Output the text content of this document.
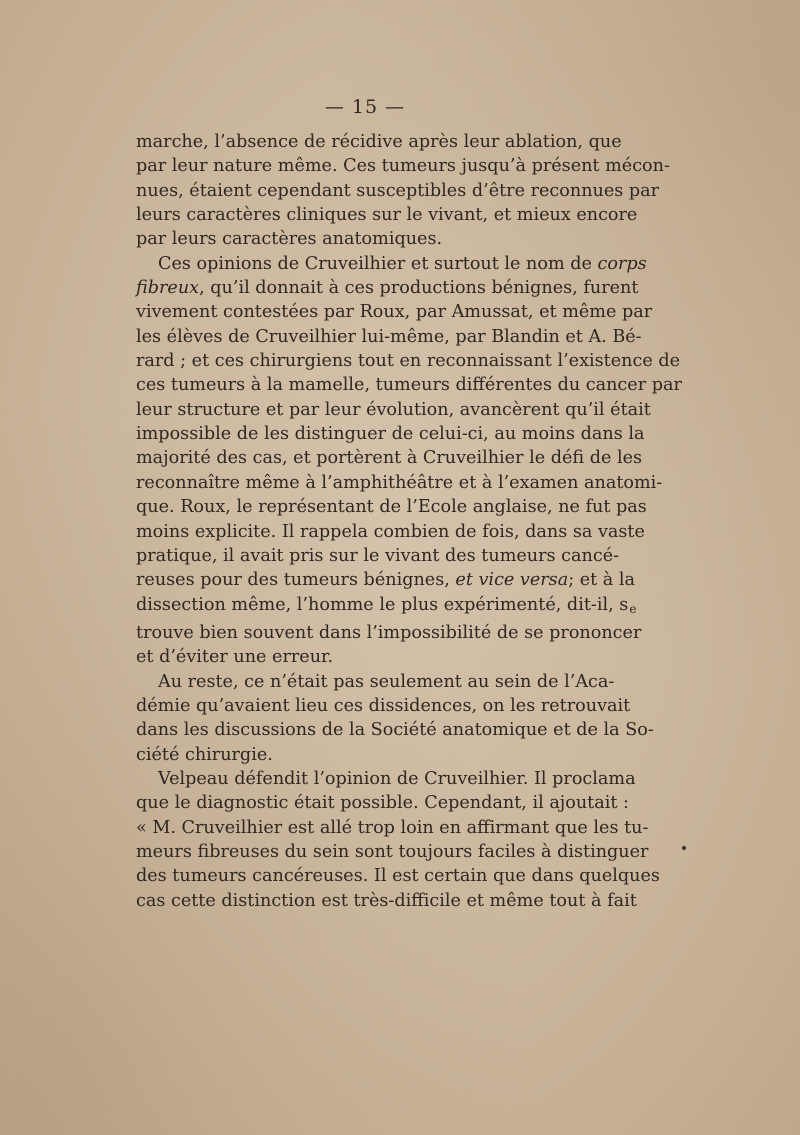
— 15 —
marche, l’absence de récidive après leur ablation, que
par leur nature même. Ces tumeurs jusqu’à présent mécon-
nues, étaient cependant susceptibles d’être reconnues par
leurs caractères cliniques sur le vivant, et mieux encore
par leurs caractères anatomiques.
Ces opinions de Cruveilhier et surtout le nom de corps
fibreux, qu’il donnait à ces productions bénignes, furent
vivement contestées par Roux, par Amussat, et même par
les élèves de Cruveilhier lui-même, par Blandin et A. Bé-
rard ; et ces chirurgiens tout en reconnaissant l’existence de
ces tumeurs à la mamelle, tumeurs différentes du cancer par
leur structure et par leur évolution, avancèrent qu’il était
impossible de les distinguer de celui-ci, au moins dans la
majorité des cas, et portèrent à Cruveilhier le défi de les
reconnaître même à l’amphithéâtre et à l’examen anatomi-
que. Roux, le représentant de l’Ecole anglaise, ne fut pas
moins explicite. Il rappela combien de fois, dans sa vaste
pratique, il avait pris sur le vivant des tumeurs cancé-
reuses pour des tumeurs bénignes, et vice versa; et à la
dissection même, l’homme le plus expérimenté, dit-il, $s_e$
trouve bien souvent dans l’impossibilité de se prononcer
et d’éviter une erreur.
Au reste, ce n’était pas seulement au sein de l’Aca-
démie qu’avaient lieu ces dissidences, on les retrouvait
dans les discussions de la Société anatomique et de la So-
ciété chirurgie.
Velpeau défendit l’opinion de Cruveilhier. Il proclama
que le diagnostic était possible. Cependant, il ajoutait :
« M. Cruveilhier est allé trop loin en affirmant que les tu-
meurs fibreuses du sein sont toujours faciles à distinguer
des tumeurs cancéreuses. Il est certain que dans quelques
cas cette distinction est très-difficile et même tout à fait
